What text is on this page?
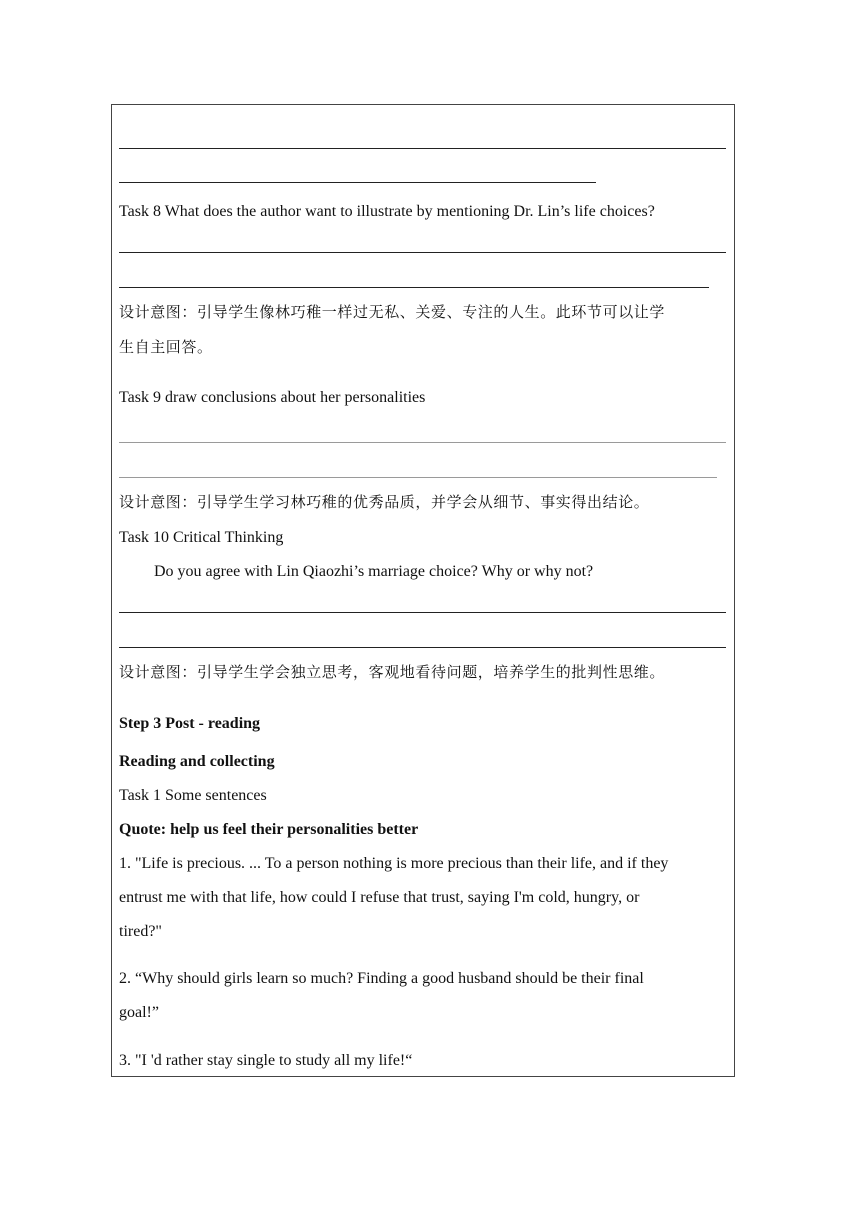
Task 8 What does the author want to illustrate by mentioning Dr. Lin’s life choices?
设计意图：引导学生像林巧稚一样过无私、关爱、专注的人生。此环节可以让学
生自主回答。
Task 9 draw conclusions about her personalities
设计意图：引导学生学习林巧稚的优秀品质，并学会从细节、事实得出结论。
Task 10 Critical Thinking
Do you agree with Lin Qiaozhi’s marriage choice? Why or why not?
设计意图：引导学生学会独立思考，客观地看待问题，培养学生的批判性思维。
Step 3 Post - reading
Reading and collecting
Task 1 Some sentences
Quote: help us feel their personalities better
1. "Life is precious. ... To a person nothing is more precious than their life, and if they
entrust me with that life, how could I refuse that trust, saying I'm cold, hungry, or
tired?"
2. “Why should girls learn so much? Finding a good husband should be their final
goal!”
3. "I 'd rather stay single to study all my life!“
